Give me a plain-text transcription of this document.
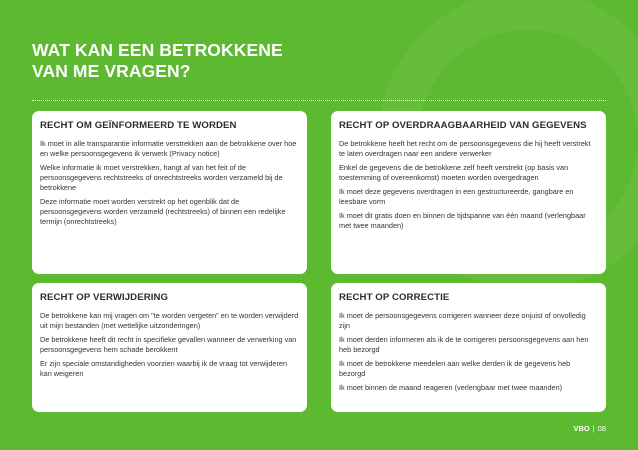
WAT KAN EEN BETROKKENE
VAN ME VRAGEN?
RECHT OM GEÏNFORMEERD TE WORDEN

Ik moet in alle transparantie informatie verstrekken aan de betrokkene over hoe en welke persoonsgegevens ik verwerk (Privacy notice)

Welke informatie ik moet verstrekken, hangt af van het feit of de persoonsgegevens rechtstreeks of onrechtstreeks worden verzameld bij de betrokkene

Deze informatie moet worden verstrekt op het ogenblik dat de persoonsgegevens worden verzameld (rechtstreeks) of binnen een redelijke termijn (onrechtstreeks)

RECHT OP OVERDRAAGBAARHEID VAN GEGEVENS

De betrokkene heeft het recht om de persoonsgegevens die hij heeft verstrekt te laten overdragen naar een andere verwerker

Enkel de gegevens die de betrokkene zelf heeft verstrekt (op basis van toestemming of overeenkomst) moeten worden overgedragen

Ik moet deze gegevens overdragen in een gestructureerde, gangbare en leesbare vorm

Ik moet dit gratis doen en binnen de tijdspanne van één maand (verlengbaar met twee maanden)

RECHT OP VERWIJDERING

De betrokkene kan mij vragen om "te worden vergeten" en te worden verwijderd uit mijn bestanden (met wettelijke uitzonderingen)

De betrokkene heeft dit recht in specifieke gevallen wanneer de verwerking van persoonsgegevens hem schade berokkent

Er zijn speciale omstandigheden voorzien waarbij ik de vraag tot verwijderen kan weigeren

RECHT OP CORRECTIE

Ik moet de persoonsgegevens corrigeren wanneer deze onjuist of onvolledig zijn

Ik moet derden informeren als ik de te corrigeren persoonsgegevens aan hen heb bezorgd

Ik moet de betrokkene meedelen aan welke derden ik de gegevens heb bezorgd

Ik moet binnen de maand reageren (verlengbaar met twee maanden)

VBO | 08
